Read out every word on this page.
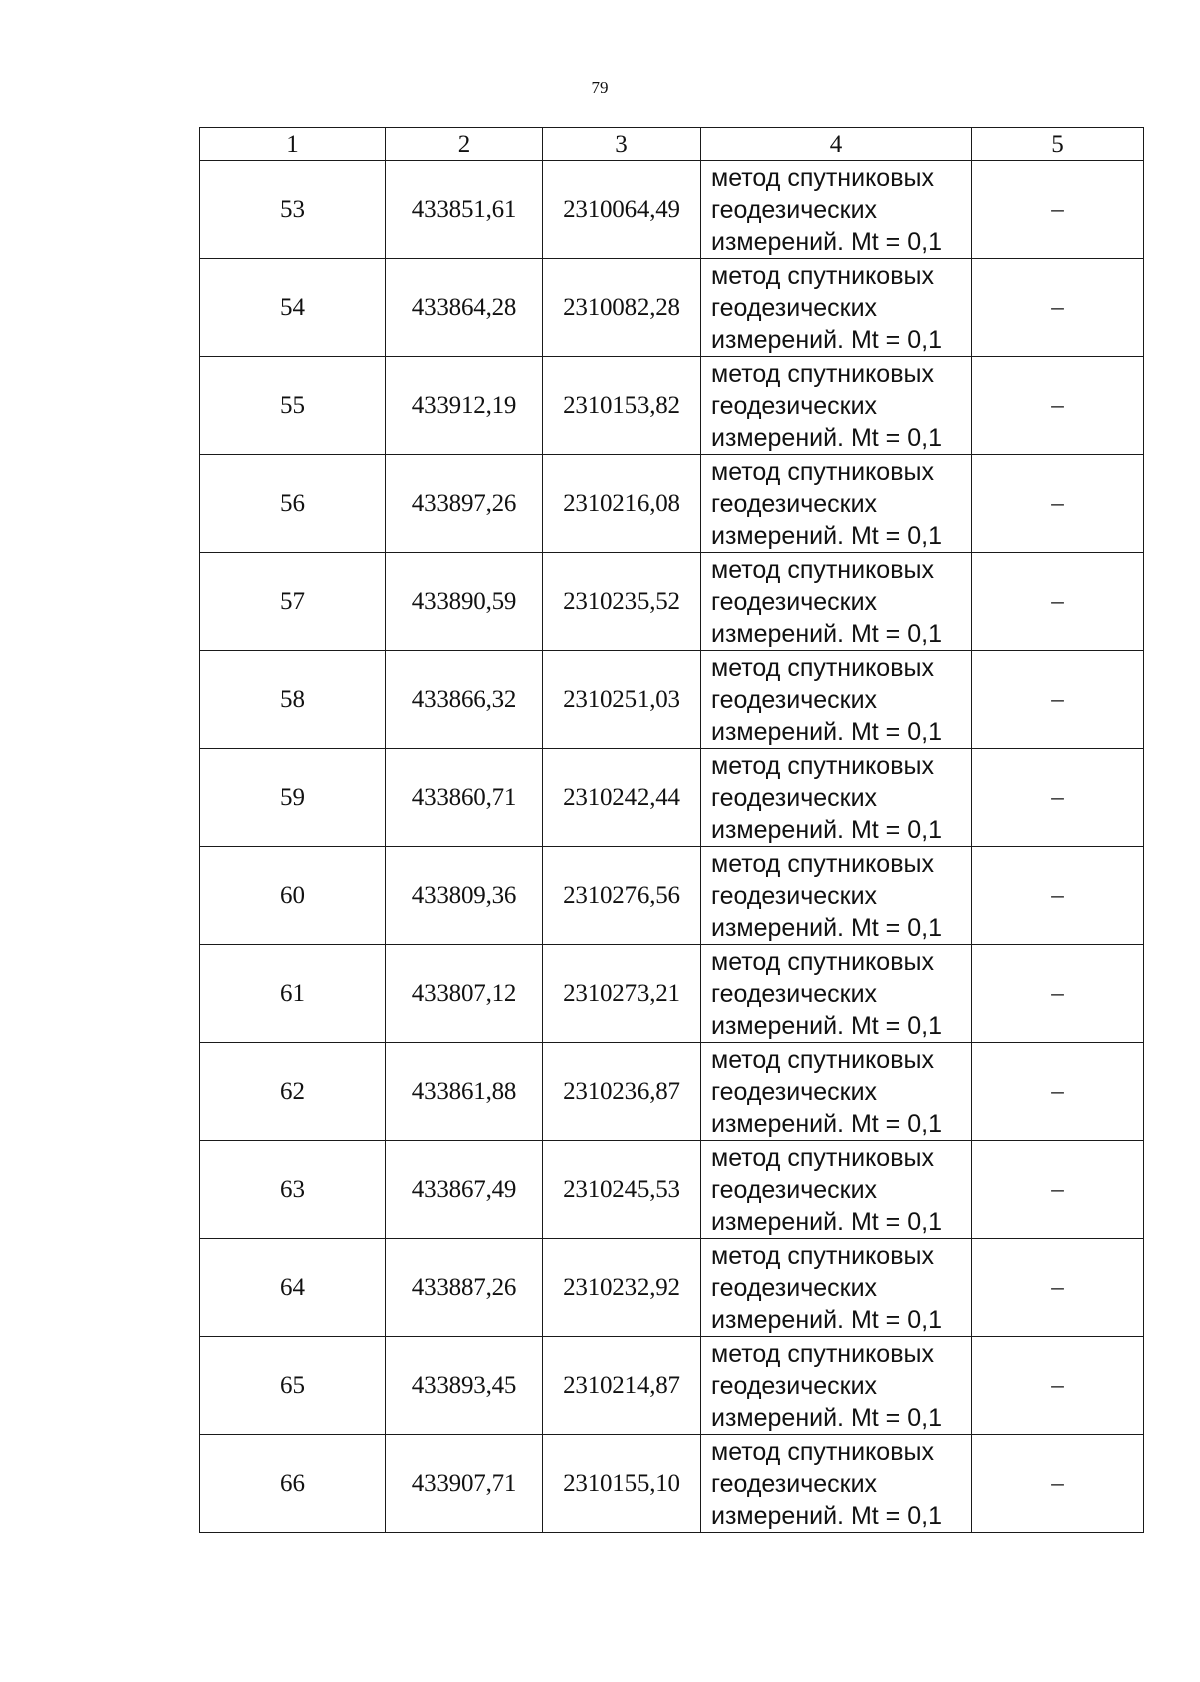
79
1	2	3	4	5
53	433851,61	2310064,49	метод спутниковых
геодезических
измерений. Mt = 0,1	–
54	433864,28	2310082,28	метод спутниковых
геодезических
измерений. Mt = 0,1	–
55	433912,19	2310153,82	метод спутниковых
геодезических
измерений. Mt = 0,1	–
56	433897,26	2310216,08	метод спутниковых
геодезических
измерений. Mt = 0,1	–
57	433890,59	2310235,52	метод спутниковых
геодезических
измерений. Mt = 0,1	–
58	433866,32	2310251,03	метод спутниковых
геодезических
измерений. Mt = 0,1	–
59	433860,71	2310242,44	метод спутниковых
геодезических
измерений. Mt = 0,1	–
60	433809,36	2310276,56	метод спутниковых
геодезических
измерений. Mt = 0,1	–
61	433807,12	2310273,21	метод спутниковых
геодезических
измерений. Mt = 0,1	–
62	433861,88	2310236,87	метод спутниковых
геодезических
измерений. Mt = 0,1	–
63	433867,49	2310245,53	метод спутниковых
геодезических
измерений. Mt = 0,1	–
64	433887,26	2310232,92	метод спутниковых
геодезических
измерений. Mt = 0,1	–
65	433893,45	2310214,87	метод спутниковых
геодезических
измерений. Mt = 0,1	–
66	433907,71	2310155,10	метод спутниковых
геодезических
измерений. Mt = 0,1	–
